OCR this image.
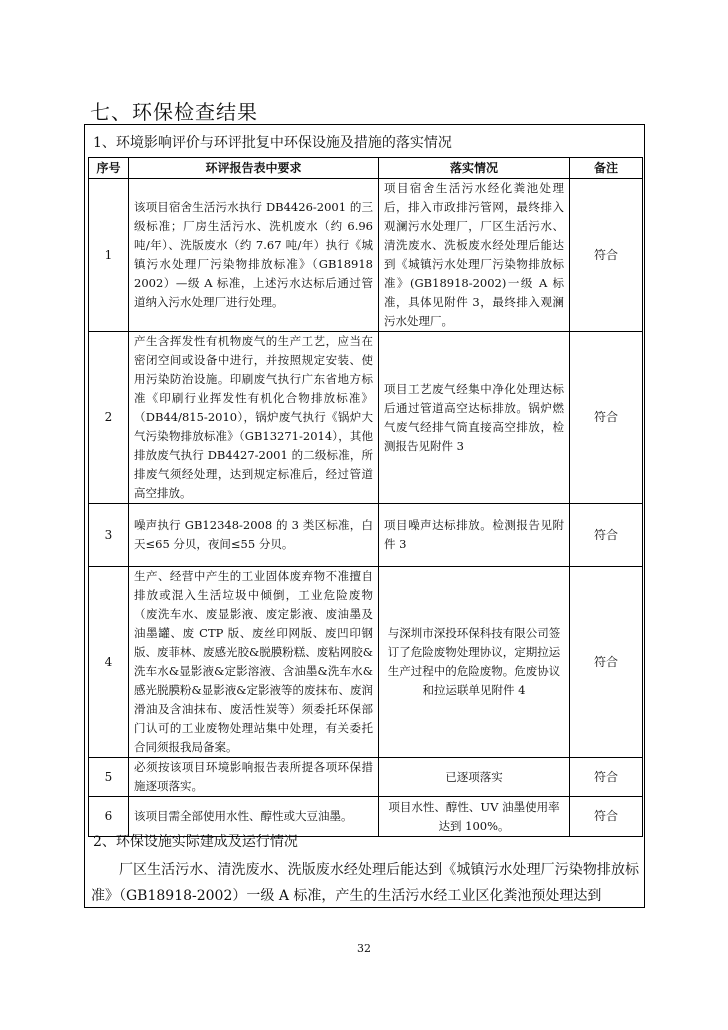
七、环保检查结果
1、环境影响评价与环评批复中环保设施及措施的落实情况
序号	环评报告表中要求	落实情况	备注
1	该项目宿舍生活污水执行 DB4426-2001 的三级标准；厂房生活污水、洗机废水（约 6.96 吨/年）、洗版废水（约 7.67 吨/年）执行《城镇污水处理厂污染物排放标准》（GB18918 2002）—级 A 标准，上述污水达标后通过管道纳入污水处理厂进行处理。	项目宿舍生活污水经化粪池处理后，排入市政排污管网，最终排入观澜污水处理厂，厂区生活污水、清洗废水、洗板废水经处理后能达到《城镇污水处理厂污染物排放标准》(GB18918-2002)一级 A 标准，具体见附件 3，最终排入观澜污水处理厂。	符合
2	产生含挥发性有机物废气的生产工艺，应当在密闭空间或设备中进行，并按照规定安装、使用污染防治设施。印刷废气执行广东省地方标准《印刷行业挥发性有机化合物排放标准》 （DB44/815-2010），锅炉废气执行《锅炉大气污染物排放标准》（GB13271-2014），其他排放废气执行 DB4427-2001 的二级标准，所排废气须经处理，达到规定标准后，经过管道高空排放。	项目工艺废气经集中净化处理达标后通过管道高空达标排放。锅炉燃气废气经排气筒直接高空排放，检测报告见附件 3	符合
3	噪声执行 GB12348-2008 的 3 类区标准，白天≤65 分贝，夜间≤55 分贝。	项目噪声达标排放。检测报告见附件 3	符合
4	生产、经营中产生的工业固体废弃物不准擅自排放或混入生活垃圾中倾倒，工业危险废物（废洗车水、废显影液、废定影液、废油墨及油墨罐、废 CTP 版、废丝印网版、废凹印钢版、废菲林、废感光胶&脱膜粉糕、废粘网胶&洗车水&显影液&定影溶液、含油墨&洗车水&感光脱膜粉&显影液&定影液等的废抹布、废润滑油及含油抹布、废活性炭等）须委托环保部门认可的工业废物处理站集中处理，有关委托合同须报我局备案。	与深圳市深投环保科技有限公司签订了危险废物处理协议，定期拉运生产过程中的危险废物。危废协议和拉运联单见附件 4	符合
5	必须按该项目环境影响报告表所提各项环保措施逐项落实。	已逐项落实	符合
6	该项目需全部使用水性、醇性或大豆油墨。	项目水性、醇性、UV 油墨使用率达到 100%。	符合
2、环保设施实际建成及运行情况
厂区生活污水、清洗废水、洗版废水经处理后能达到《城镇污水处理厂污染物排放标准》（GB18918-2002）一级 A 标准，产生的生活污水经工业区化粪池预处理达到
32
